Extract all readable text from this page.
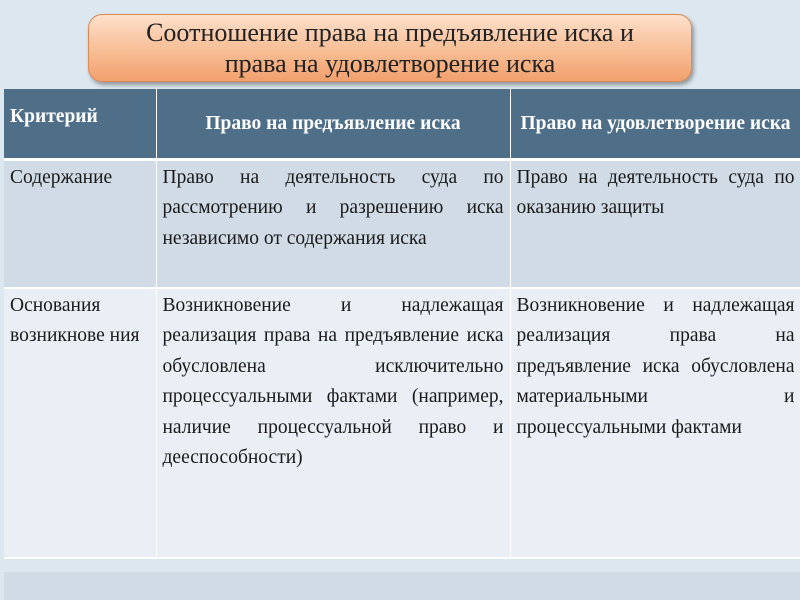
Соотношение права на предъявление иска и
права на удовлетворение иска
Критерий	Право на предъявление иска	Право на удовлетворение иска
Содержание	Право на деятельность суда по рассмотрению и разрешению иска независимо от содержания иска	Право на деятельность суда по оказанию защиты
Основания возникнове ния	Возникновение и надлежащая реализация права на предъявление иска обусловлена исключительно процессуальными фактами (например, наличие процессуальной право и дееспособности)	Возникновение и надлежащая реализация права на предъявление иска обусловлена материальными и процессуальными фактами
